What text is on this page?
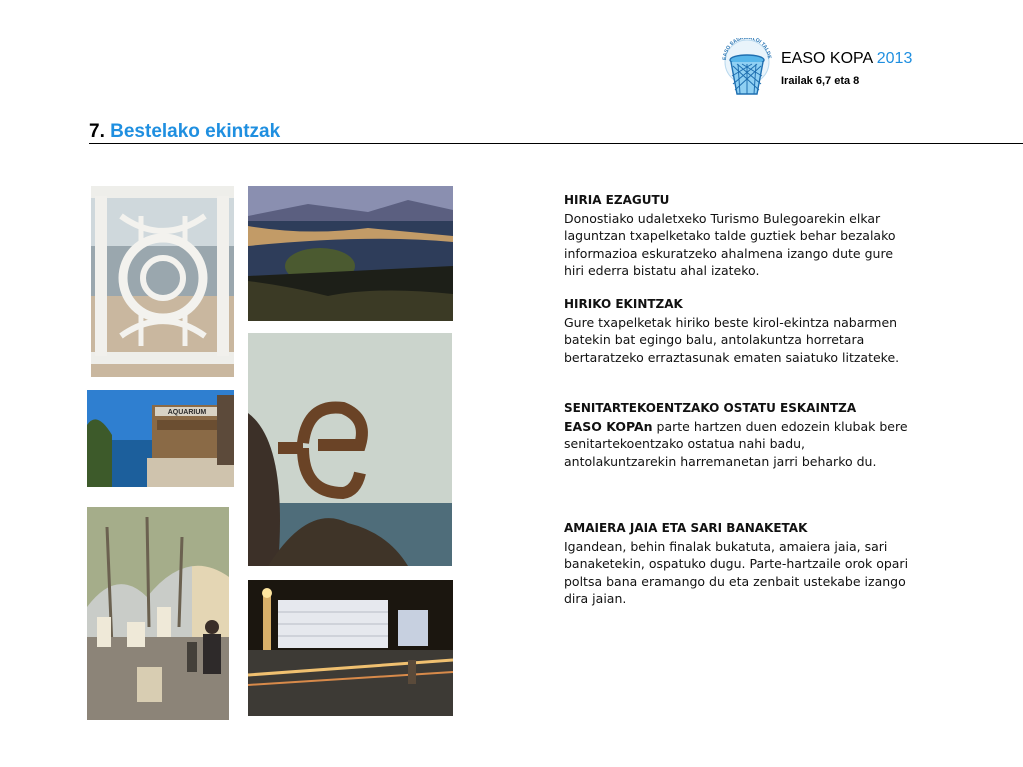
EASO SASKIBALOI TALDE EASO KOPA 2013
Irailak 6,7 eta 8
7. Bestelako ekintzak
AQUARIUM
HIRIA EZAGUTU

Donostiako udaletxeko Turismo Bulegoarekin elkar laguntzan txapelketako talde guztiek behar bezalako informazioa eskuratzeko ahalmena izango dute gure hiri ederra bistatu ahal izateko.

HIRIKO EKINTZAK

Gure txapelketak hiriko beste kirol-ekintza nabarmen batekin bat egingo balu, antolakuntza horretara bertaratzeko erraztasunak ematen saiatuko litzateke.

SENITARTEKOENTZAKO OSTATU ESKAINTZA

EASO KOPAn parte hartzen duen edozein klubak bere senitartekoentzako ostatua nahi badu, antolakuntzarekin harremanetan jarri beharko du.

AMAIERA JAIA ETA SARI BANAKETAK

Igandean, behin finalak bukatuta, amaiera jaia, sari banaketekin, ospatuko dugu. Parte-hartzaile orok opari poltsa bana eramango du eta zenbait ustekabe izango dira jaian.
